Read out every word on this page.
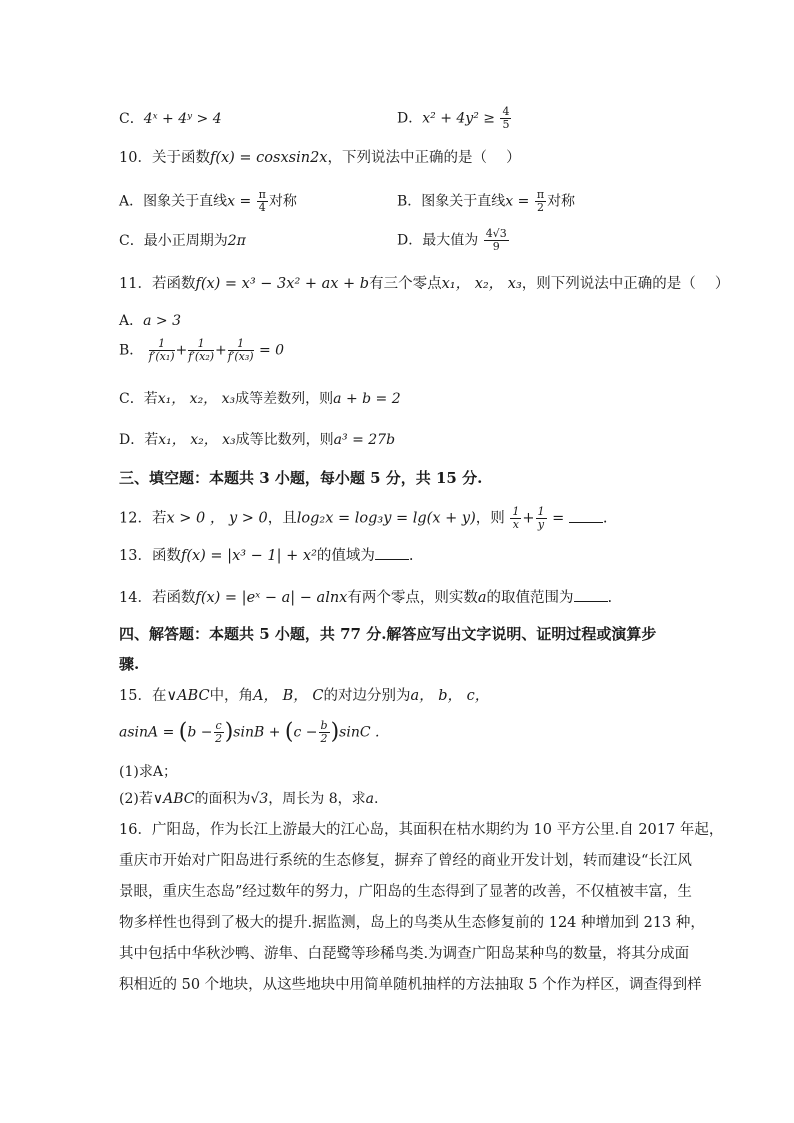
C．4ˣ + 4ʸ > 4	D．$x^2 + 4y^2 \ge \frac{4}{5}$
10．关于函数f(x) = cosxsin2x，下列说法中正确的是（　 ）
A．图象关于直线$x = \frac{\pi}{4}$ 对称	B．图象关于直线$x = \frac{\pi}{2}$ 对称
C．最小正周期为2π	D．最大值为 $\frac{4√3}{9}$
11．若函数f(x) = x³ − 3x² + ax + b有三个零点x₁， x₂， x₃，则下列说法中正确的是（　 ）
A．a > 3
B． $\frac{1}{\text{f′(x₁)}} + \frac{1}{\text{f′(x₂)}} + \frac{1}{\text{f′(x₃)}} = 0$
C．若x₁， x₂， x₃成等差数列，则a + b = 2
D．若x₁， x₂， x₃成等比数列，则a³ = 27b
三、填空题：本题共 3 小题，每小题 5 分，共 15 分.
12．若x > 0 ， y > 0，且log₂x = log₃y = lg(x + y)，则 $\frac{1}{x} + \frac{1}{y}$ =	.
13．函数f(x) = |x³ − 1| + x²的值域为 .
14．若函数f(x) = |eˣ − a| − alnx有两个零点，则实数a的取值范围为 .
四、解答题：本题共 5 小题，共 77 分.解答应写出文字说明、证明过程或演算步
骤.
15．在∨ABC中，角A， B， C的对边分别为a， b， c，
$asinA = (b - \frac{c}{2} )\sin B + (c - \frac{b}{2} )\sin C$ .
(1)求A；
(2)若∨ABC的面积为√3，周长为 8，求a.
16．广阳岛，作为长江上游最大的江心岛，其面积在枯水期约为 10 平方公里.自 2017 年起，
重庆市开始对广阳岛进行系统的生态修复，摒弃了曾经的商业开发计划，转而建设“长江风
景眼，重庆生态岛”经过数年的努力，广阳岛的生态得到了显著的改善，不仅植被丰富，生
物多样性也得到了极大的提升.据监测，岛上的鸟类从生态修复前的 124 种增加到 213 种，
其中包括中华秋沙鸭、游隼、白琵鹭等珍稀鸟类.为调查广阳岛某种鸟的数量，将其分成面
积相近的 50 个地块，从这些地块中用简单随机抽样的方法抽取 5 个作为样区，调查得到样
